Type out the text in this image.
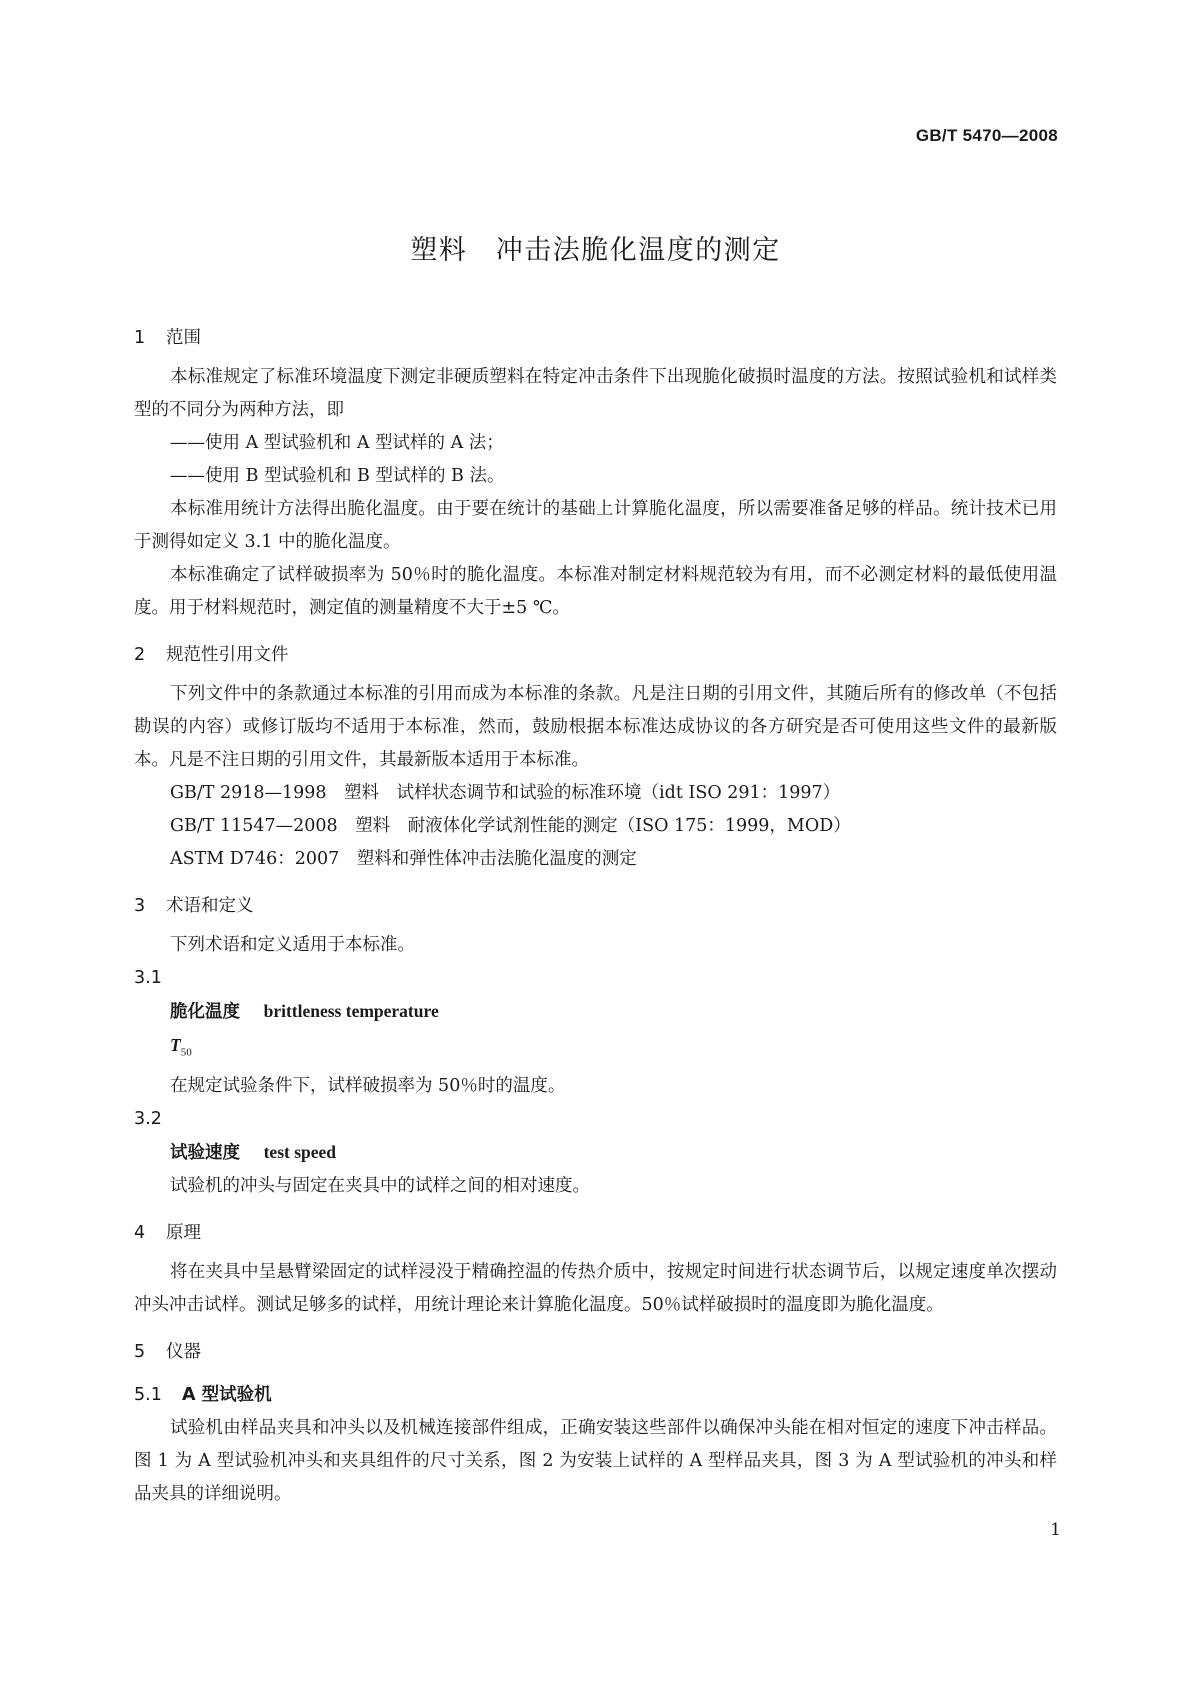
GB/T 5470—2008
塑料　冲击法脆化温度的测定
1 范围

本标准规定了标准环境温度下测定非硬质塑料在特定冲击条件下出现脆化破损时温度的方法。按照试验机和试样类型的不同分为两种方法，即

——使用 A 型试验机和 A 型试样的 A 法；
——使用 B 型试验机和 B 型试样的 B 法。

本标准用统计方法得出脆化温度。由于要在统计的基础上计算脆化温度，所以需要准备足够的样品。统计技术已用于测得如定义 3.1 中的脆化温度。

本标准确定了试样破损率为 50％时的脆化温度。本标准对制定材料规范较为有用，而不必测定材料的最低使用温度。用于材料规范时，测定值的测量精度不大于±5 ℃。

2 规范性引用文件

下列文件中的条款通过本标准的引用而成为本标准的条款。凡是注日期的引用文件，其随后所有的修改单（不包括勘误的内容）或修订版均不适用于本标准，然而，鼓励根据本标准达成协议的各方研究是否可使用这些文件的最新版本。凡是不注日期的引用文件，其最新版本适用于本标准。

GB/T 2918—1998　塑料　试样状态调节和试验的标准环境（idt ISO 291：1997）
GB/T 11547—2008　塑料　耐液体化学试剂性能的测定（ISO 175：1999，MOD）
ASTM D746：2007　塑料和弹性体冲击法脆化温度的测定
3 术语和定义

下列术语和定义适用于本标准。

3.1
脆化温度　 brittleness temperature
$T_{50}$
在规定试验条件下，试样破损率为 50％时的温度。
3.2
试验速度　 test speed
试验机的冲头与固定在夹具中的试样之间的相对速度。
4 原理

将在夹具中呈悬臂梁固定的试样浸没于精确控温的传热介质中，按规定时间进行状态调节后，以规定速度单次摆动冲头冲击试样。测试足够多的试样，用统计理论来计算脆化温度。50％试样破损时的温度即为脆化温度。

5 仪器
5.1 A 型试验机

试验机由样品夹具和冲头以及机械连接部件组成，正确安装这些部件以确保冲头能在相对恒定的速度下冲击样品。图 1 为 A 型试验机冲头和夹具组件的尺寸关系，图 2 为安装上试样的 A 型样品夹具，图 3 为 A 型试验机的冲头和样品夹具的详细说明。

1
